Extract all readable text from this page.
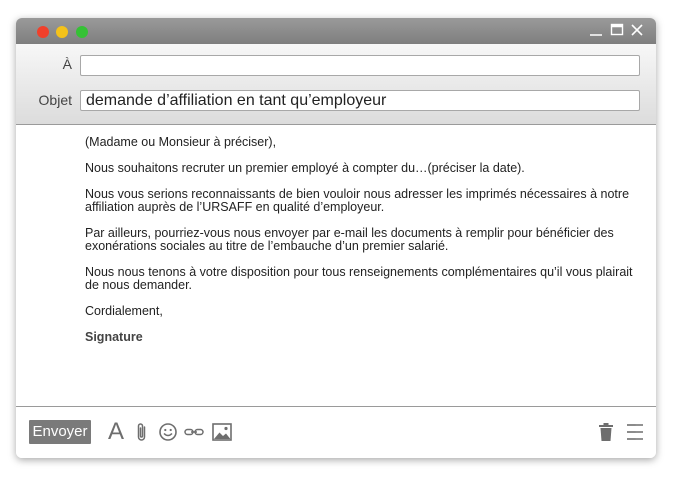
À
Objet
demande d’affiliation en tant qu’employeur

(Madame ou Monsieur à préciser),

Nous souhaitons recruter un premier employé à compter du…(préciser la date).

Nous vous serions reconnaissants de bien vouloir nous adresser les imprimés nécessaires à notre affiliation auprès de l’URSAFF en qualité d’employeur.

Par ailleurs, pourriez-vous nous envoyer par e-mail les documents à remplir pour bénéficier des exonérations sociales au titre de l’embauche d’un premier salarié.

Nous nous tenons à votre disposition pour tous renseignements complémentaires qu’il vous plairait de nous demander.

Cordialement,

Signature

Envoyer A
